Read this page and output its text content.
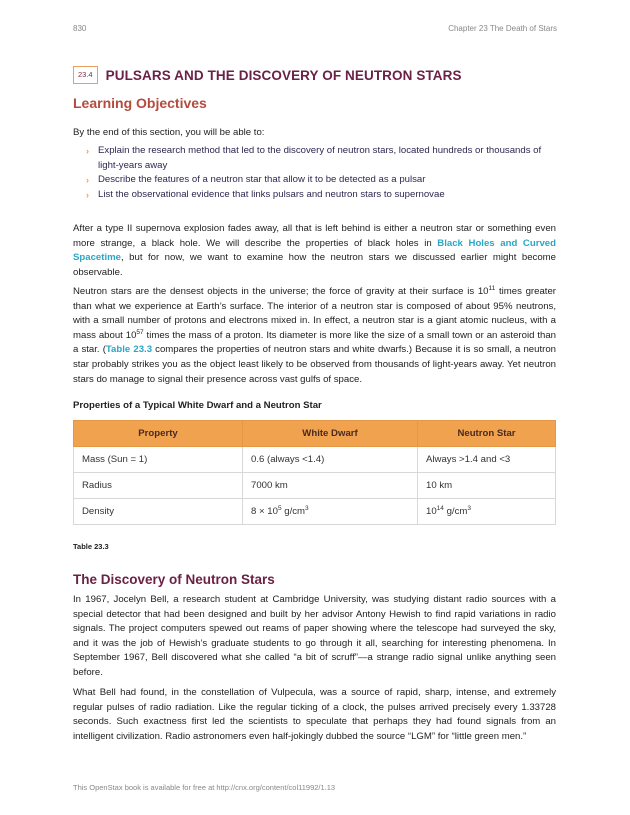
830	Chapter 23 The Death of Stars
23.4 PULSARS AND THE DISCOVERY OF NEUTRON STARS
Learning Objectives

By the end of this section, you will be able to:

› Explain the research method that led to the discovery of neutron stars, located hundreds or thousands of light-years away
› Describe the features of a neutron star that allow it to be detected as a pulsar
› List the observational evidence that links pulsars and neutron stars to supernovae

After a type II supernova explosion fades away, all that is left behind is either a neutron star or something even more strange, a black hole. We will describe the properties of black holes in Black Holes and Curved Spacetime, but for now, we want to examine how the neutron stars we discussed earlier might become observable.

Neutron stars are the densest objects in the universe; the force of gravity at their surface is $10^{11}$ times greater than what we experience at Earth’s surface. The interior of a neutron star is composed of about 95% neutrons, with a small number of protons and electrons mixed in. In effect, a neutron star is a giant atomic nucleus, with a mass about $10^{57}$ times the mass of a proton. Its diameter is more like the size of a small town or an asteroid than a star. (Table 23.3 compares the properties of neutron stars and white dwarfs.) Because it is so small, a neutron star probably strikes you as the object least likely to be observed from thousands of light-years away. Yet neutron stars do manage to signal their presence across vast gulfs of space.

Properties of a Typical White Dwarf and a Neutron Star
Property	White Dwarf	Neutron Star
Mass (Sun = 1)	0.6 (always <1.4)	Always >1.4 and <3
Radius	7000 km	10 km
Density	$8 \times 10^5$ $g/cm^3$	$10^{14}$ $g/cm^3$
Table 23.3
The Discovery of Neutron Stars

In 1967, Jocelyn Bell, a research student at Cambridge University, was studying distant radio sources with a special detector that had been designed and built by her advisor Antony Hewish to find rapid variations in radio signals. The project computers spewed out reams of paper showing where the telescope had surveyed the sky, and it was the job of Hewish’s graduate students to go through it all, searching for interesting phenomena. In September 1967, Bell discovered what she called “a bit of scruff”—a strange radio signal unlike anything seen before.

What Bell had found, in the constellation of Vulpecula, was a source of rapid, sharp, intense, and extremely regular pulses of radio radiation. Like the regular ticking of a clock, the pulses arrived precisely every 1.33728 seconds. Such exactness first led the scientists to speculate that perhaps they had found signals from an intelligent civilization. Radio astronomers even half-jokingly dubbed the source “LGM” for “little green men.”

This OpenStax book is available for free at http://cnx.org/content/col11992/1.13
